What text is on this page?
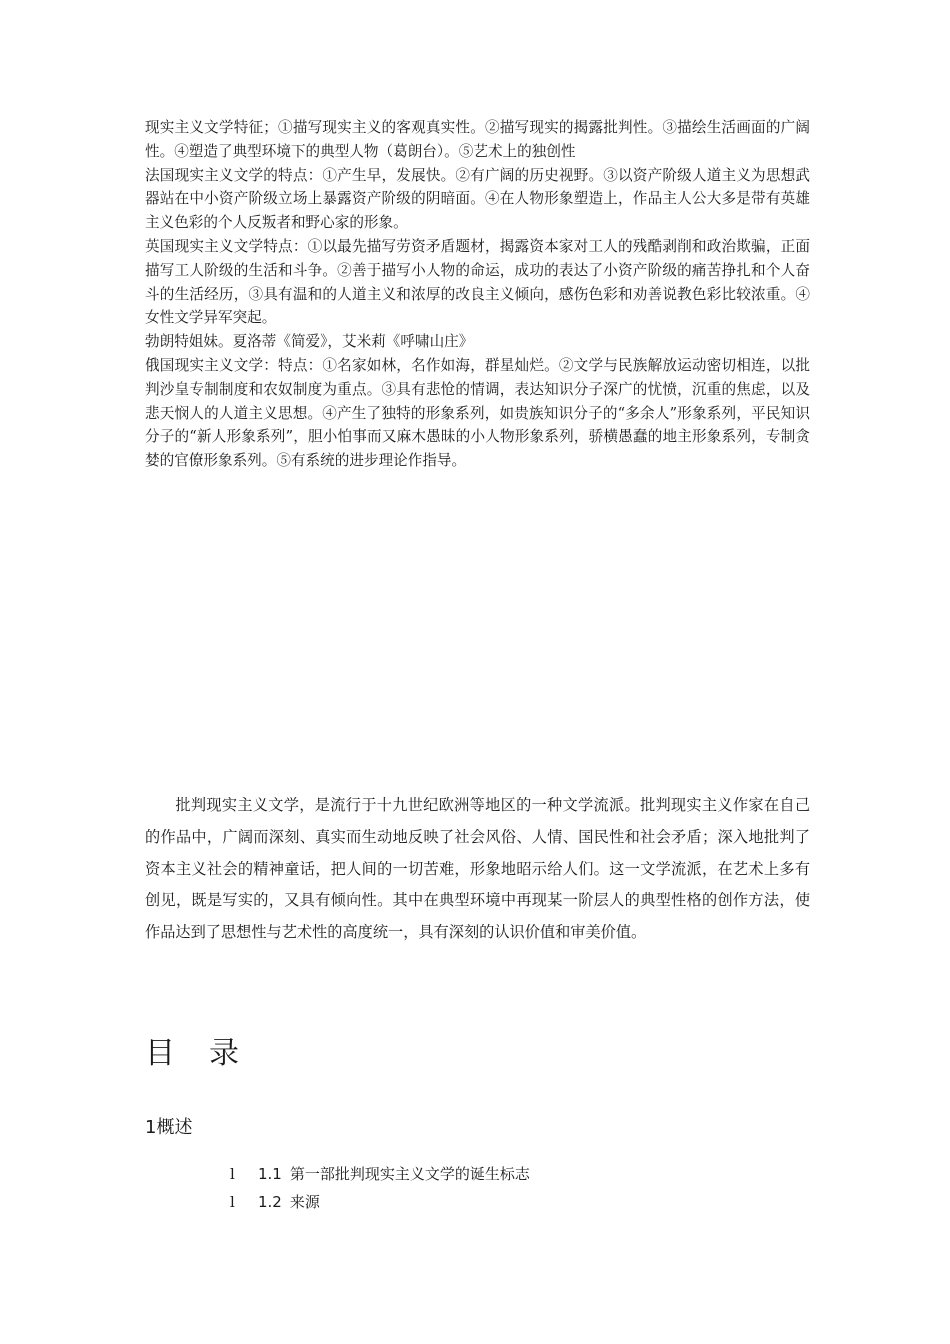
现实主义文学特征；①描写现实主义的客观真实性。②描写现实的揭露批判性。③描绘生活画面的广阔性。④塑造了典型环境下的典型人物（葛朗台）。⑤艺术上的独创性

法国现实主义文学的特点：①产生早，发展快。②有广阔的历史视野。③以资产阶级人道主义为思想武器站在中小资产阶级立场上暴露资产阶级的阴暗面。④在人物形象塑造上，作品主人公大多是带有英雄主义色彩的个人反叛者和野心家的形象。

英国现实主义文学特点：①以最先描写劳资矛盾题材，揭露资本家对工人的残酷剥削和政治欺骗，正面描写工人阶级的生活和斗争。②善于描写小人物的命运，成功的表达了小资产阶级的痛苦挣扎和个人奋斗的生活经历，③具有温和的人道主义和浓厚的改良主义倾向，感伤色彩和劝善说教色彩比较浓重。④女性文学异军突起。

勃朗特姐妹。夏洛蒂《简爱》，艾米莉《呼啸山庄》

俄国现实主义文学：特点：①名家如林，名作如海，群星灿烂。②文学与民族解放运动密切相连，以批判沙皇专制制度和农奴制度为重点。③具有悲怆的情调，表达知识分子深广的忧愤，沉重的焦虑，以及悲天悯人的人道主义思想。④产生了独特的形象系列，如贵族知识分子的“多余人”形象系列，平民知识分子的“新人形象系列”，胆小怕事而又麻木愚昧的小人物形象系列，骄横愚蠢的地主形象系列，专制贪婪的官僚形象系列。⑤有系统的进步理论作指导。

批判现实主义文学，是流行于十九世纪欧洲等地区的一种文学流派。批判现实主义作家在自己的作品中，广阔而深刻、真实而生动地反映了社会风俗、人情、国民性和社会矛盾；深入地批判了资本主义社会的精神童话，把人间的一切苦难，形象地昭示给人们。这一文学流派，在艺术上多有创见，既是写实的，又具有倾向性。其中在典型环境中再现某一阶层人的典型性格的创作方法，使作品达到了思想性与艺术性的高度统一，具有深刻的认识价值和审美价值。

目 录
1概述
l	1.1 第一部批判现实主义文学的诞生标志
l	1.2 来源
